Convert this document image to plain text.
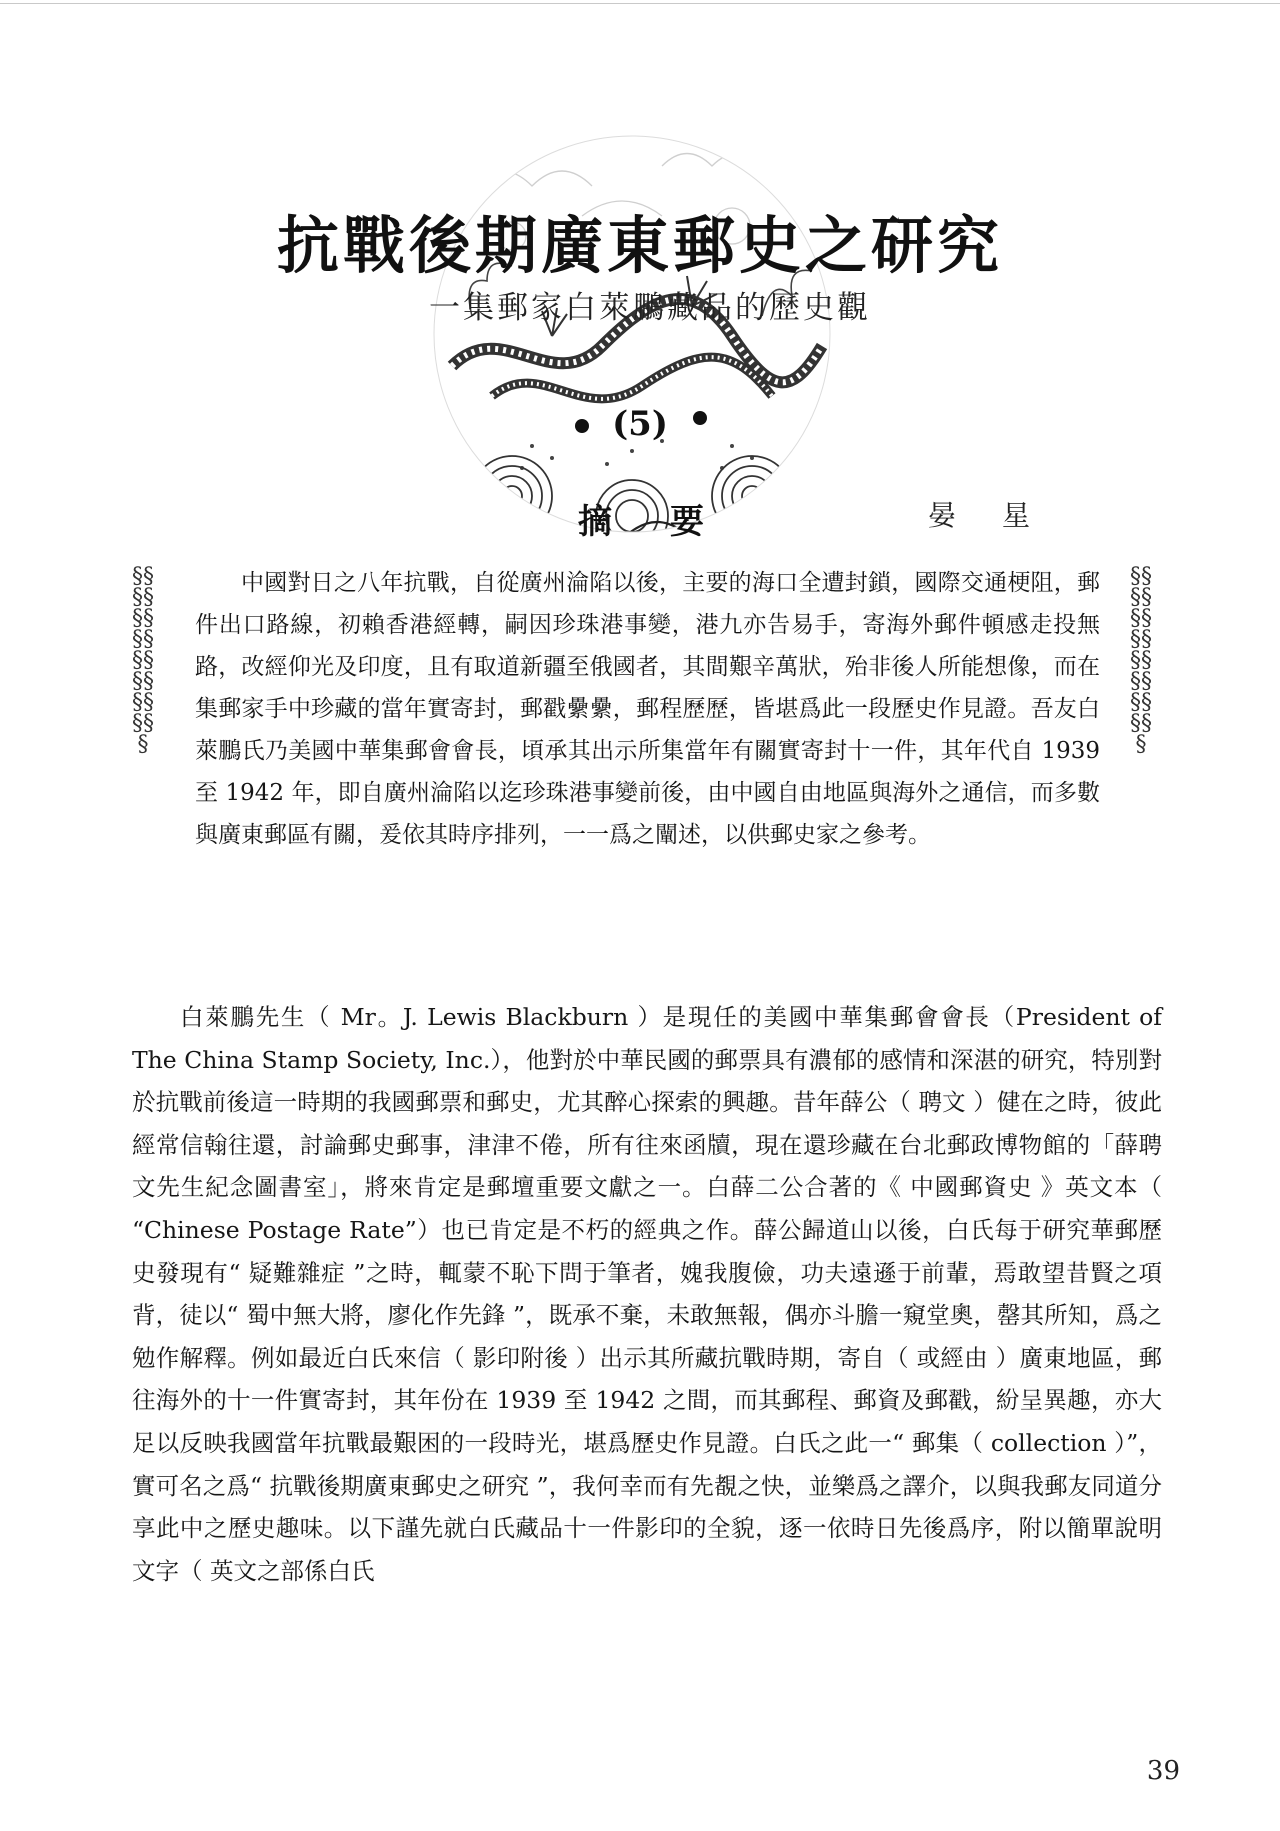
抗戰後期廣東郵史之研究
一集郵家白萊鵬藏品的歷史觀
(5)
摘要	晏星
§§§§§§§§§§§§§§§§§
中國對日之八年抗戰，自從廣州淪陷以後，主要的海口全遭封鎖，國際交通梗阻，郵件出口路線，初賴香港經轉，嗣因珍珠港事變，港九亦告易手，寄海外郵件頓感走投無路，改經仰光及印度，且有取道新疆至俄國者，其間艱辛萬狀，殆非後人所能想像，而在集郵家手中珍藏的當年實寄封，郵戳纍纍，郵程歷歷，皆堪爲此一段歷史作見證。吾友白萊鵬氏乃美國中華集郵會會長，頃承其出示所集當年有關實寄封十一件，其年代自 1939 至 1942 年，即自廣州淪陷以迄珍珠港事變前後，由中國自由地區與海外之通信，而多數與廣東郵區有關，爰依其時序排列，一一爲之闡述，以供郵史家之參考。
§§§§§§§§§§§§§§§§§
白萊鵬先生（ Mr。J. Lewis Blackburn ）是現任的美國中華集郵會會長（President of The China Stamp Society, Inc.），他對於中華民國的郵票具有濃郁的感情和深湛的研究，特別對於抗戰前後這一時期的我國郵票和郵史，尤其醉心探索的興趣。昔年薛公（ 聘文 ）健在之時，彼此經常信翰往還，討論郵史郵事，津津不倦，所有往來函牘，現在還珍藏在台北郵政博物館的「薛聘文先生紀念圖書室」，將來肯定是郵壇重要文獻之一。白薛二公合著的《 中國郵資史 》英文本（ “Chinese Postage Rate”）也已肯定是不朽的經典之作。薛公歸道山以後，白氏每于研究華郵歷史發現有“ 疑難雜症 ”之時，輒蒙不恥下問于筆者，媿我腹儉，功夫遠遜于前輩，焉敢望昔賢之項背，徒以“ 蜀中無大將，廖化作先鋒 ”，既承不棄，未敢無報，偶亦斗膽一窺堂奧，罄其所知，爲之勉作解釋。例如最近白氏來信（ 影印附後 ）出示其所藏抗戰時期，寄自（ 或經由 ）廣東地區，郵往海外的十一件實寄封，其年份在 1939 至 1942 之間，而其郵程、郵資及郵戳，紛呈異趣，亦大足以反映我國當年抗戰最艱困的一段時光，堪爲歷史作見證。白氏之此一“ 郵集（ collection ）”，實可名之爲“ 抗戰後期廣東郵史之研究 ”，我何幸而有先覩之快，並樂爲之譯介，以與我郵友同道分享此中之歷史趣味。以下謹先就白氏藏品十一件影印的全貌，逐一依時日先後爲序，附以簡單說明文字（ 英文之部係白氏
39
